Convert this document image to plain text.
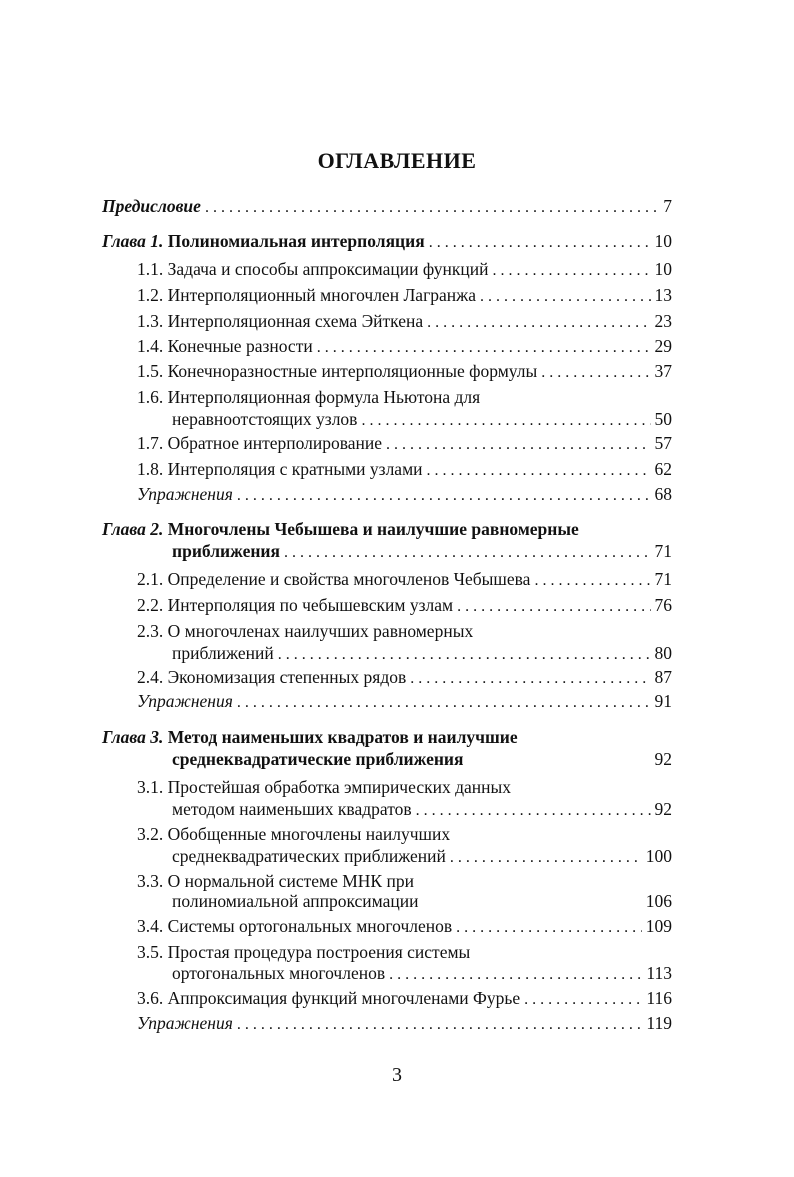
ОГЛАВЛЕНИЕ
Предисловие . . .	7
Глава 1. Полиномиальная интерполяция . . .	10
1.1. Задача и способы аппроксимации функций . . .	10
1.2. Интерполяционный многочлен Лагранжа . . .	13
1.3. Интерполяционная схема Эйткена . . .	23
1.4. Конечные разности . . .	29
1.5. Конечноразностные интерполяционные формулы . . .	37
1.6. Интерполяционная формула Ньютона для
неравноотстоящих узлов . . .	50
1.7. Обратное интерполирование . . .	57
1.8. Интерполяция с кратными узлами . . .	62
Упражнения . . .	68
Глава 2. Многочлены Чебышева и наилучшие равномерные
приближения . . .	71
2.1. Определение и свойства многочленов Чебышева . . .	71
2.2. Интерполяция по чебышевским узлам . . .	76
2.3. О многочленах наилучших равномерных
приближений . . .	80
2.4. Экономизация степенных рядов . . .	87
Упражнения . . .	91
Глава 3. Метод наименьших квадратов и наилучшие
среднеквадратические приближения	92
3.1. Простейшая обработка эмпирических данных
методом наименьших квадратов . . .	92
3.2. Обобщенные многочлены наилучших
среднеквадратических приближений . . .	100
3.3. О нормальной системе МНК при
полиномиальной аппроксимации	106
3.4. Системы ортогональных многочленов . . .	109
3.5. Простая процедура построения системы
ортогональных многочленов . . .	113
3.6. Аппроксимация функций многочленами Фурье . . .	116
Упражнения . . .	119
3
